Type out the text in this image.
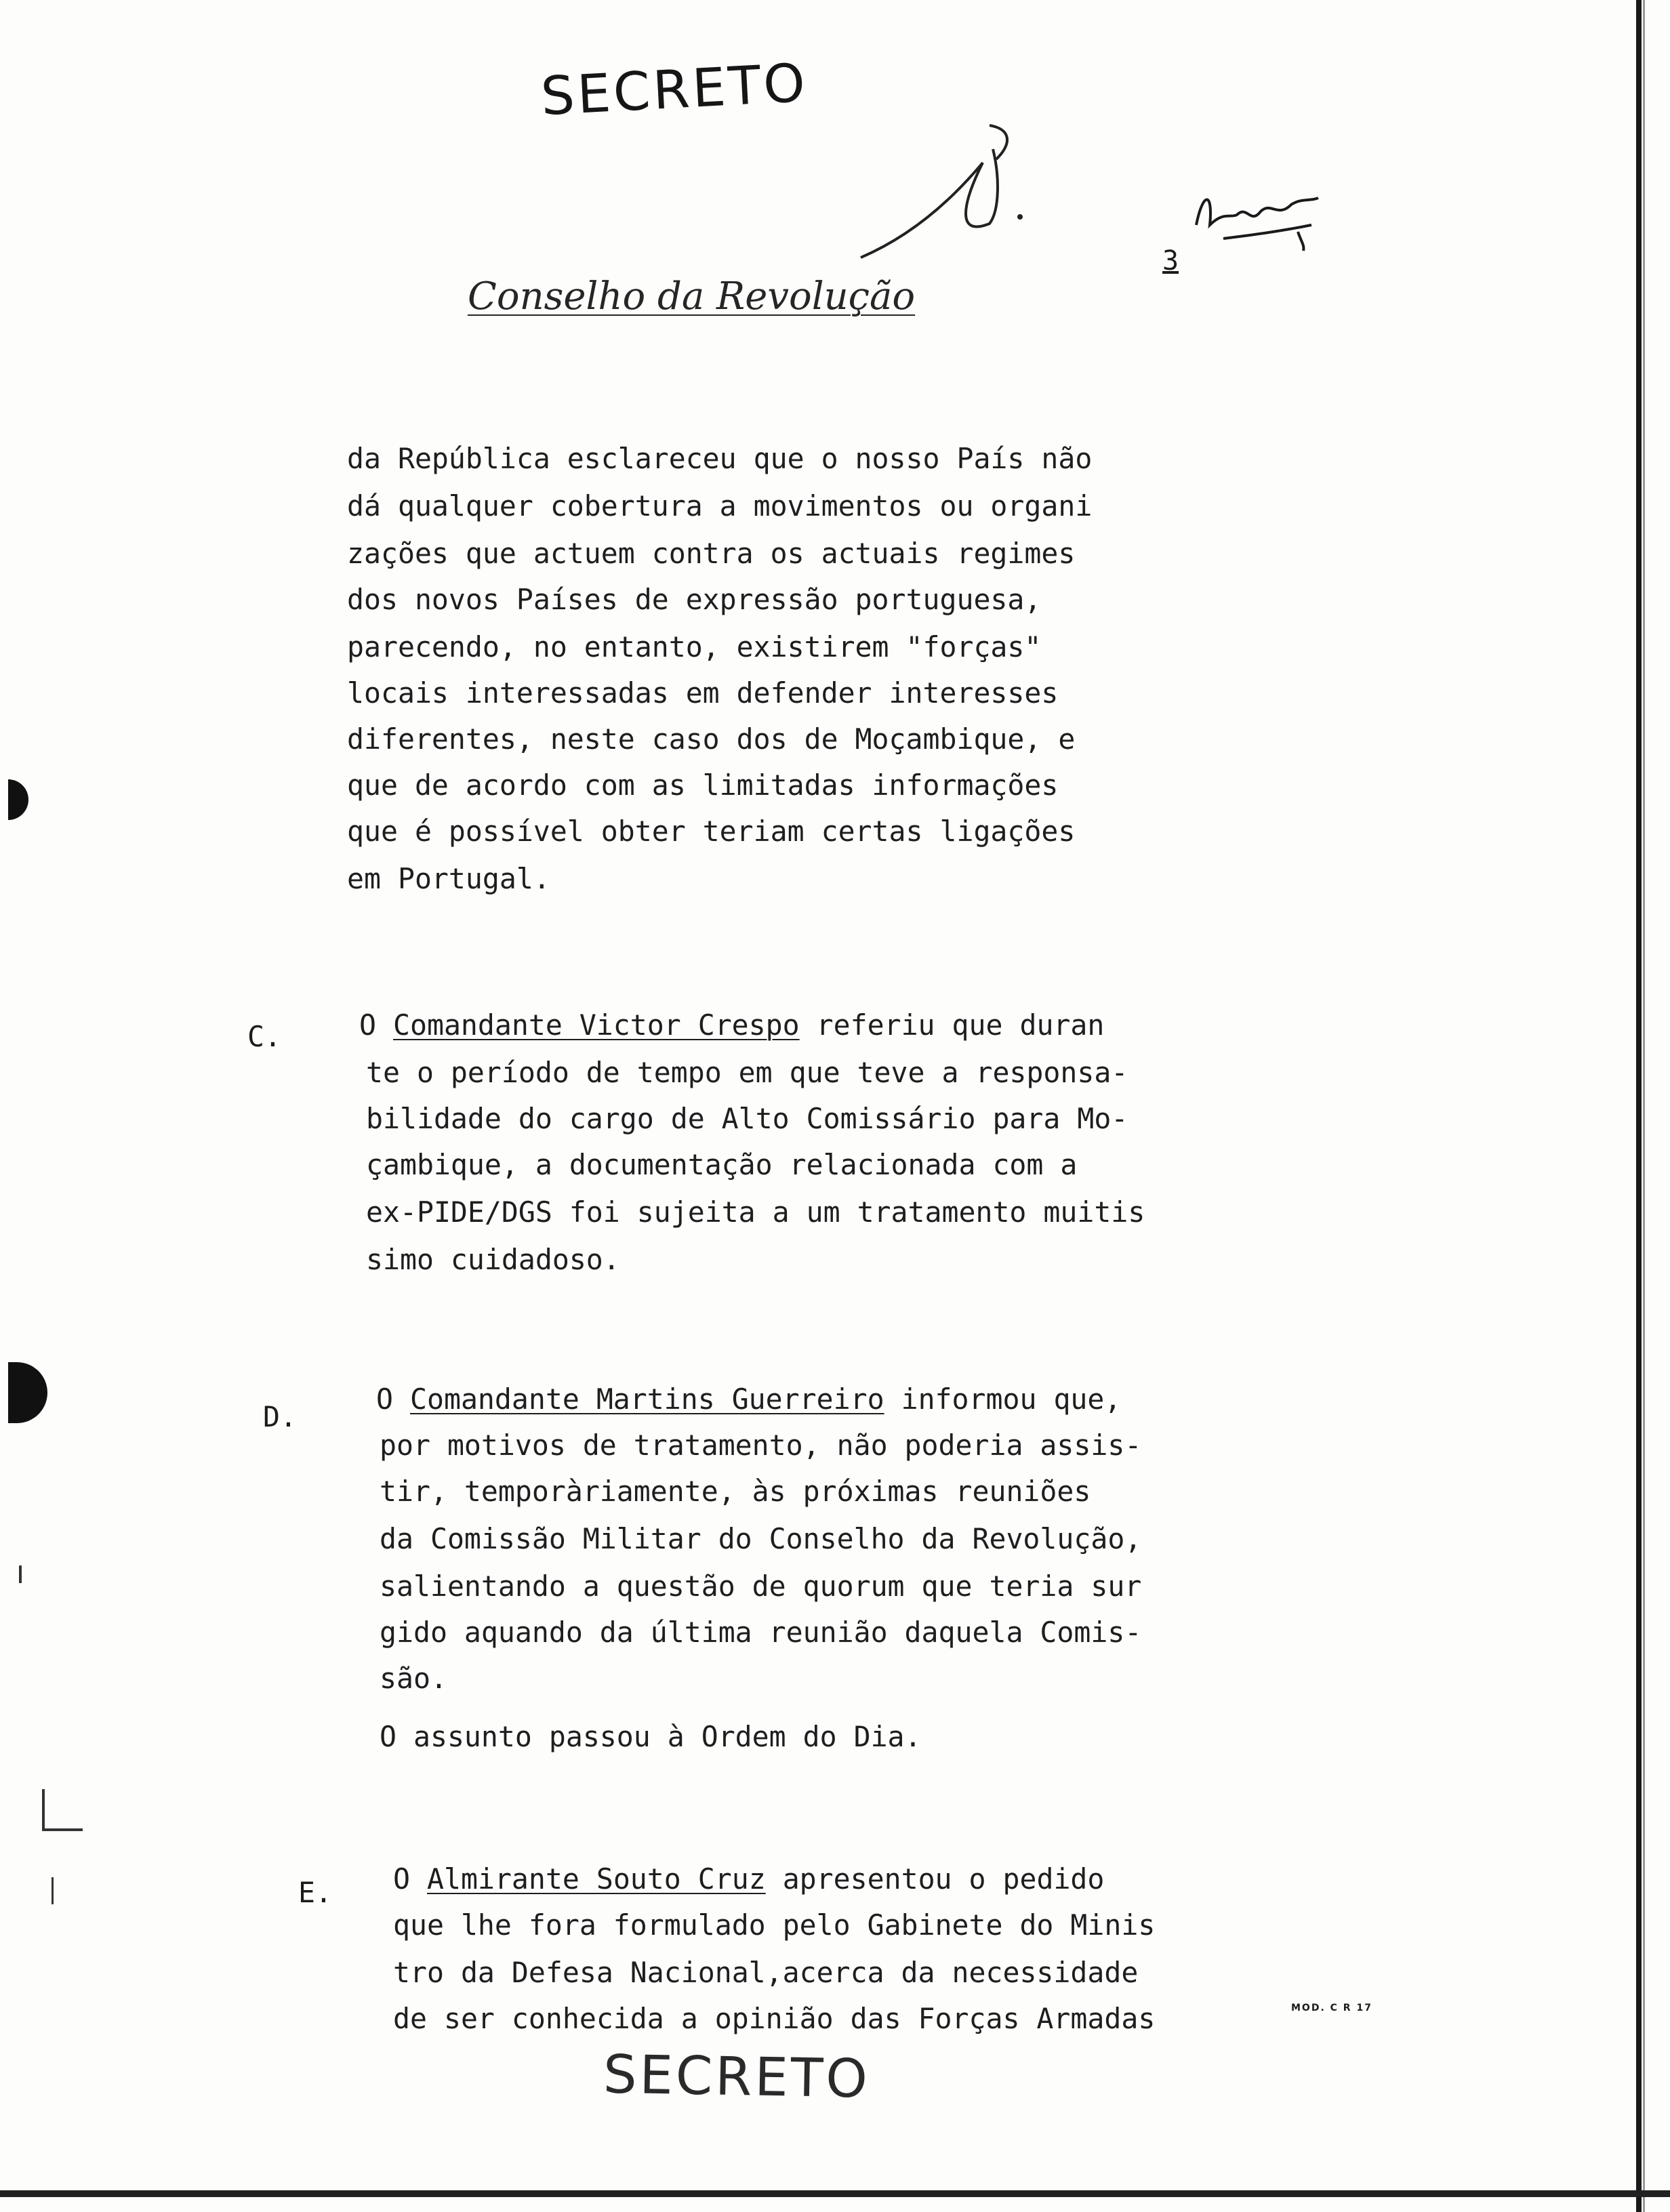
SECRETO
SECRETO
Conselho da Revolução
3
da República esclareceu que o nosso País não
dá qualquer cobertura a movimentos ou organi
zações que actuem contra os actuais regimes
dos novos Países de expressão portuguesa,
parecendo, no entanto, existirem "forças"
locais interessadas em defender interesses
diferentes, neste caso dos de Moçambique, e
que de acordo com as limitadas informações
que é possível obter teriam certas ligações
em Portugal.
C.	O Comandante Victor Crespo referiu que duran
te o período de tempo em que teve a responsa-
bilidade do cargo de Alto Comissário para Mo-
çambique, a documentação relacionada com a
ex-PIDE/DGS foi sujeita a um tratamento muitis
simo cuidadoso.
D.
O Comandante Martins Guerreiro informou que,
por motivos de tratamento, não poderia assis-
tir, temporàriamente, às próximas reuniões
da Comissão Militar do Conselho da Revolução,
salientando a questão de quorum que teria sur
gido aquando da última reunião daquela Comis-
são.
O assunto passou à Ordem do Dia.
E. O Almirante Souto Cruz apresentou o pedido
que lhe fora formulado pelo Gabinete do Minis
tro da Defesa Nacional,acerca da necessidade
de ser conhecida a opinião das Forças Armadas	MOD. C R 17
